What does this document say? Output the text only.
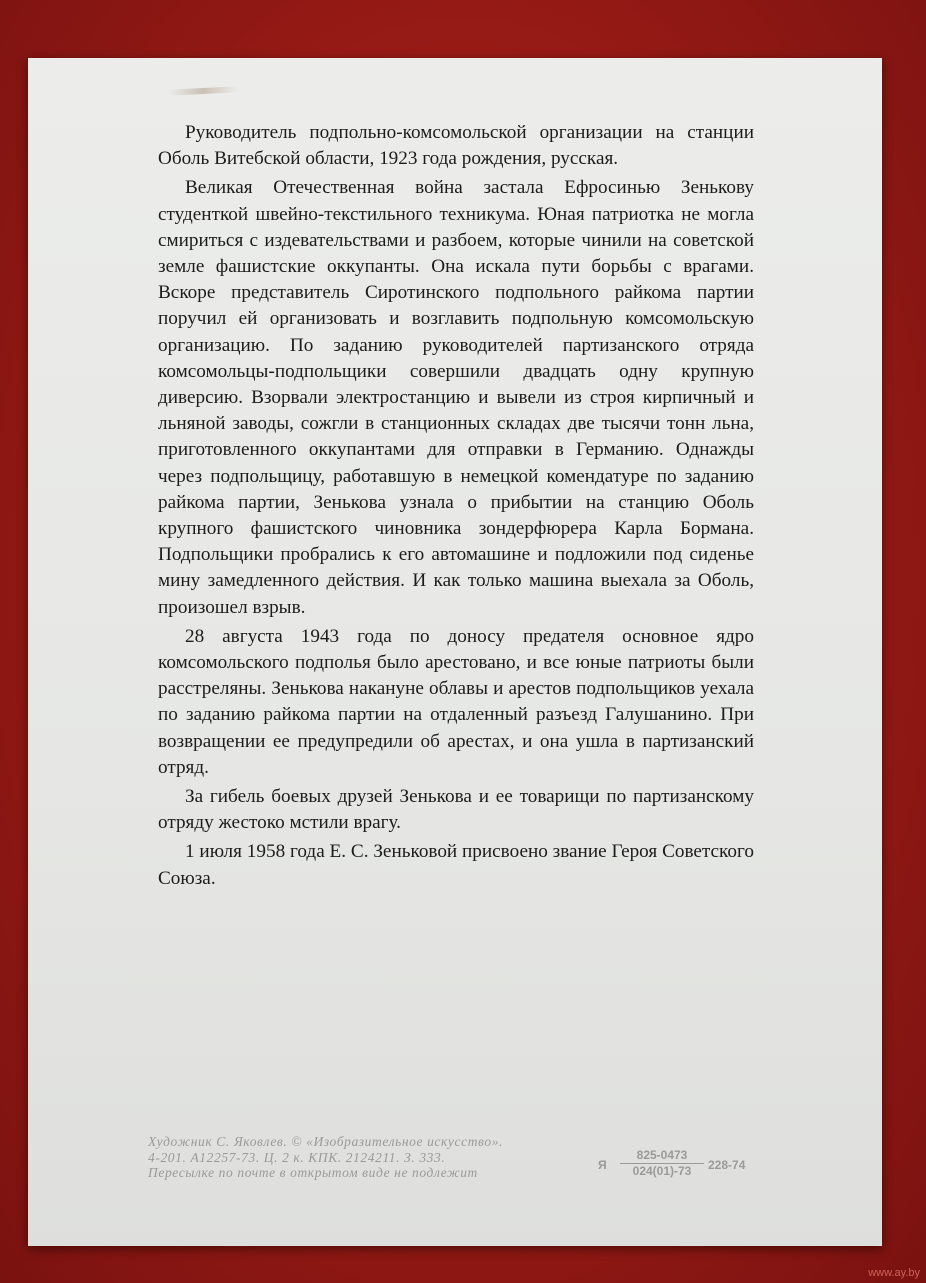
Руководитель подпольно-комсомольской организации на станции Оболь Витебской области, 1923 года рождения, русская.

Великая Отечественная война застала Ефросинью Зенькову студенткой швейно-текстильного техникума. Юная патриотка не могла смириться с издевательствами и разбоем, которые чинили на советской земле фашистские оккупанты. Она искала пути борьбы с врагами. Вскоре представитель Сиротинского подпольного райкома партии поручил ей организовать и возглавить подпольную комсомольскую организацию. По заданию руководителей партизанского отряда комсомольцы-подпольщики совершили двадцать одну крупную диверсию. Взорвали электростанцию и вывели из строя кирпичный и льняной заводы, сожгли в станционных складах две тысячи тонн льна, приготовленного оккупантами для отправки в Германию. Однажды через подпольщицу, работавшую в немецкой комендатуре по заданию райкома партии, Зенькова узнала о прибытии на станцию Оболь крупного фашистского чиновника зондерфюрера Карла Бормана. Подпольщики пробрались к его автомашине и подложили под сиденье мину замедленного действия. И как только машина выехала за Оболь, произошел взрыв.

28 августа 1943 года по доносу предателя основное ядро комсомольского подполья было арестовано, и все юные патриоты были расстреляны. Зенькова накануне облавы и арестов подпольщиков уехала по заданию райкома партии на отдаленный разъезд Галушанино. При возвращении ее предупредили об арестах, и она ушла в партизанский отряд.

За гибель боевых друзей Зенькова и ее товарищи по партизанскому отряду жестоко мстили врагу.

1 июля 1958 года Е. С. Зеньковой присвоено звание Героя Советского Союза.

Художник С. Яковлев. © «Изобразительное искусство».
4-201. А12257-73. Ц. 2 к. КПК. 2124211. З. 333.
Пересылке по почте в открытом виде не подлежит	Я $\frac{825-0473}{024(01)-73} 228-74$
www.ay.by
